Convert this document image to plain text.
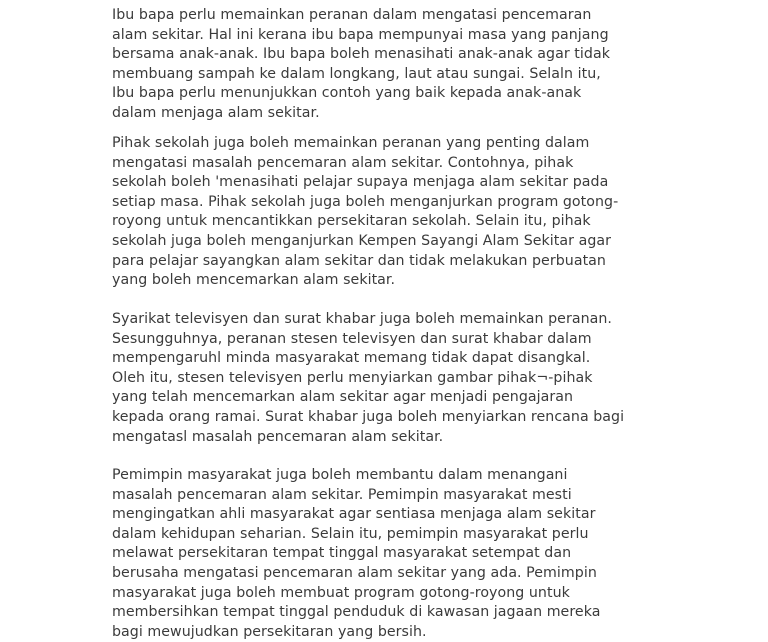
Ibu bapa perlu memainkan peranan dalam mengatasi pencemaran
alam sekitar. Hal ini kerana ibu bapa mempunyai masa yang panjang
bersama anak-anak. Ibu bapa boleh menasihati anak-anak agar tidak
membuang sampah ke dalam longkang, laut atau sungai. Selaln itu,
Ibu bapa perlu menunjukkan contoh yang baik kepada anak-anak
dalam menjaga alam sekitar.

Pihak sekolah juga boleh memainkan peranan yang penting dalam
mengatasi masalah pencemaran alam sekitar. Contohnya, pihak
sekolah boleh 'menasihati pelajar supaya menjaga alam sekitar pada
setiap masa. Pihak sekolah juga boleh menganjurkan program gotong-
royong untuk mencantikkan persekitaran sekolah. Selain itu, pihak
sekolah juga boleh menganjurkan Kempen Sayangi Alam Sekitar agar
para pelajar sayangkan alam sekitar dan tidak melakukan perbuatan
yang boleh mencemarkan alam sekitar.

Syarikat televisyen dan surat khabar juga boleh memainkan peranan.
Sesungguhnya, peranan stesen televisyen dan surat khabar dalam
mempengaruhl minda masyarakat memang tidak dapat disangkal.
Oleh itu, stesen televisyen perlu menyiarkan gambar pihak¬-pihak
yang telah mencemarkan alam sekitar agar menjadi pengajaran
kepada orang ramai. Surat khabar juga boleh menyiarkan rencana bagi
mengatasl masalah pencemaran alam sekitar.

Pemimpin masyarakat juga boleh membantu dalam menangani
masalah pencemaran alam sekitar. Pemimpin masyarakat mesti
mengingatkan ahli masyarakat agar sentiasa menjaga alam sekitar
dalam kehidupan seharian. Selain itu, pemimpin masyarakat perlu
melawat persekitaran tempat tinggal masyarakat setempat dan
berusaha mengatasi pencemaran alam sekitar yang ada. Pemimpin
masyarakat juga boleh membuat program gotong-royong untuk
membersihkan tempat tinggal penduduk di kawasan jagaan mereka
bagi mewujudkan persekitaran yang bersih.
